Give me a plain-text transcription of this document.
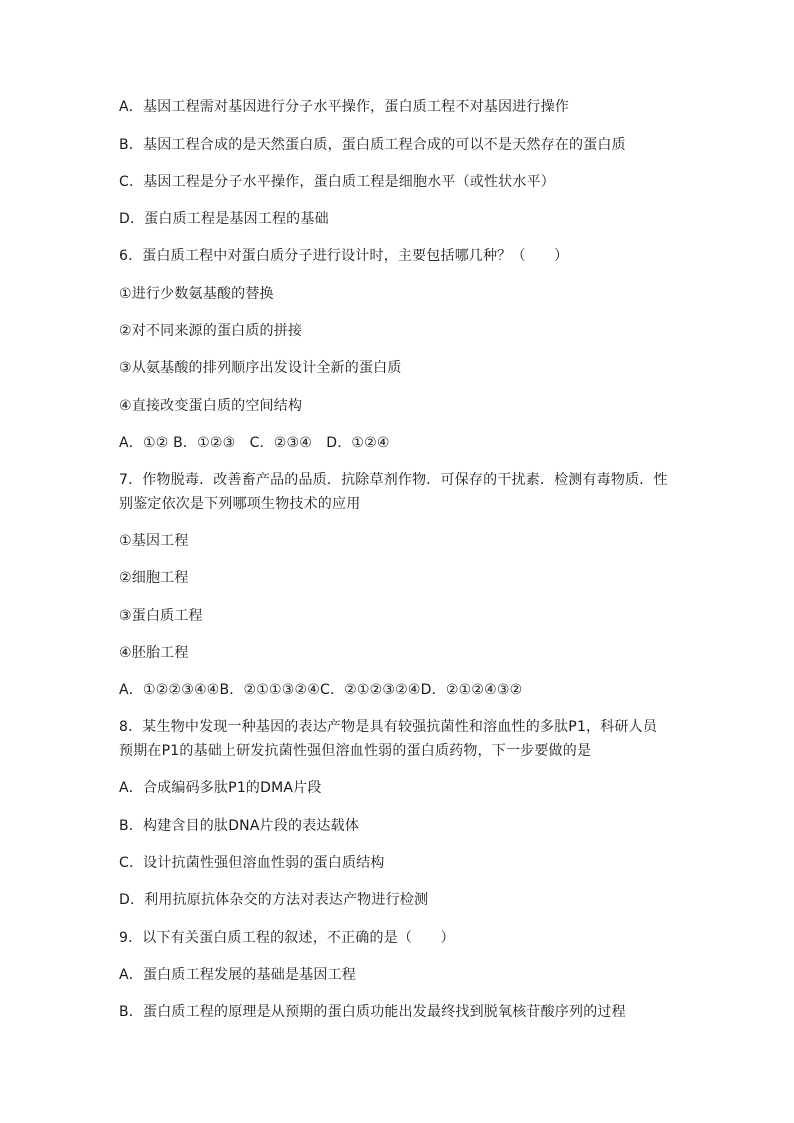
A．基因工程需对基因进行分子水平操作，蛋白质工程不对基因进行操作
B．基因工程合成的是天然蛋白质，蛋白质工程合成的可以不是天然存在的蛋白质
C．基因工程是分子水平操作，蛋白质工程是细胞水平（或性状水平）
D．蛋白质工程是基因工程的基础
6．蛋白质工程中对蛋白质分子进行设计时，主要包括哪几种？（　　）
①进行少数氨基酸的替换
②对不同来源的蛋白质的拼接
③从氨基酸的排列顺序出发设计全新的蛋白质
④直接改变蛋白质的空间结构
A．①② B．①②③　C．②③④　D．①②④
7．作物脱毒．改善畜产品的品质．抗除草剂作物．可保存的干扰素．检测有毒物质．性
别鉴定依次是下列哪项生物技术的应用
①基因工程
②细胞工程
③蛋白质工程
④胚胎工程
A．①②②③④④B．②①①③②④C．②①②③②④D．②①②④③②
8．某生物中发现一种基因的表达产物是具有较强抗菌性和溶血性的多肽P1，科研人员
预期在P1的基础上研发抗菌性强但溶血性弱的蛋白质药物，下一步要做的是
A．合成编码多肽P1的DMA片段
B．构建含目的肽DNA片段的表达载体
C．设计抗菌性强但溶血性弱的蛋白质结构
D．利用抗原抗体杂交的方法对表达产物进行检测
9．以下有关蛋白质工程的叙述，不正确的是（　　）
A．蛋白质工程发展的基础是基因工程
B．蛋白质工程的原理是从预期的蛋白质功能出发最终找到脱氧核苷酸序列的过程
